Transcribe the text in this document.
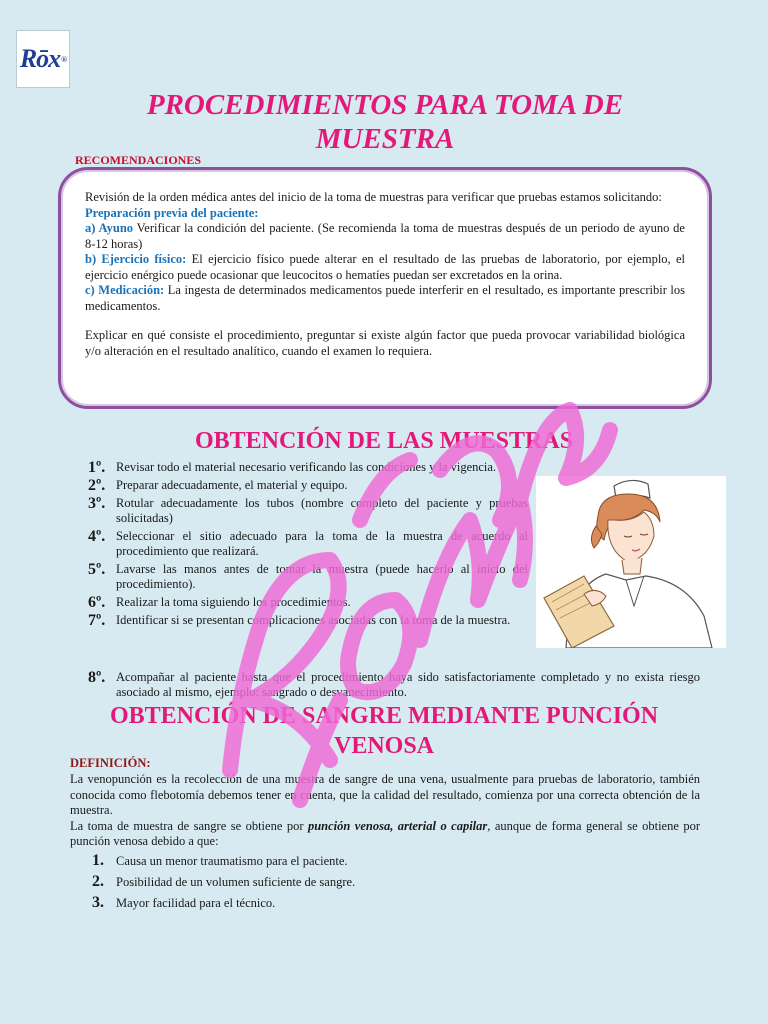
Rōx ®
PROCEDIMIENTOS PARA TOMA DE MUESTRA

RECOMENDACIONES

Revisión de la orden médica antes del inicio de la toma de muestras para verificar que pruebas estamos solicitando:

Preparación previa del paciente:

a) Ayuno Verificar la condición del paciente. (Se recomienda la toma de muestras después de un periodo de ayuno de 8-12 horas)

b) Ejercicio físico: El ejercicio físico puede alterar en el resultado de las pruebas de laboratorio, por ejemplo, el ejercicio enérgico puede ocasionar que leucocitos o hematíes puedan ser excretados en la orina.

c) Medicación: La ingesta de determinados medicamentos puede interferir en el resultado, es importante prescribir los medicamentos.

Explicar en qué consiste el procedimiento, preguntar si existe algún factor que pueda provocar variabilidad biológica y/o alteración en el resultado analítico, cuando el examen lo requiera.

OBTENCIÓN DE LAS MUESTRAS
1º. Revisar todo el material necesario verificando las condiciones y la vigencia.
2º. Preparar adecuadamente, el material y equipo.
3º. Rotular adecuadamente los tubos (nombre completo del paciente y pruebas solicitadas)
4º. Seleccionar el sitio adecuado para la toma de la muestra de acuerdo al procedimiento que realizará.
5º. Lavarse las manos antes de tomar la muestra (puede hacerlo al inicio del procedimiento).
6º. Realizar la toma siguiendo los procedimientos.
7º. Identificar si se presentan complicaciones asociadas con la toma de la muestra.
8º. Acompañar al paciente hasta que el procedimiento haya sido satisfactoriamente completado y no exista riesgo asociado al mismo, ejemplo: sangrado o desvanecimiento.
OBTENCIÓN DE SANGRE MEDIANTE PUNCIÓN
VENOSA

DEFINICIÓN:

La venopunción es la recolección de una muestra de sangre de una vena, usualmente para pruebas de laboratorio, también conocida como flebotomía debemos tener en cuenta, que la calidad del resultado, comienza por una correcta obtención de la muestra.

La toma de muestra de sangre se obtiene por punción venosa, arterial o capilar, aunque de forma general se obtiene por punción venosa debido a que:

1. Causa un menor traumatismo para el paciente.
2. Posibilidad de un volumen suficiente de sangre.
3. Mayor facilidad para el técnico.
